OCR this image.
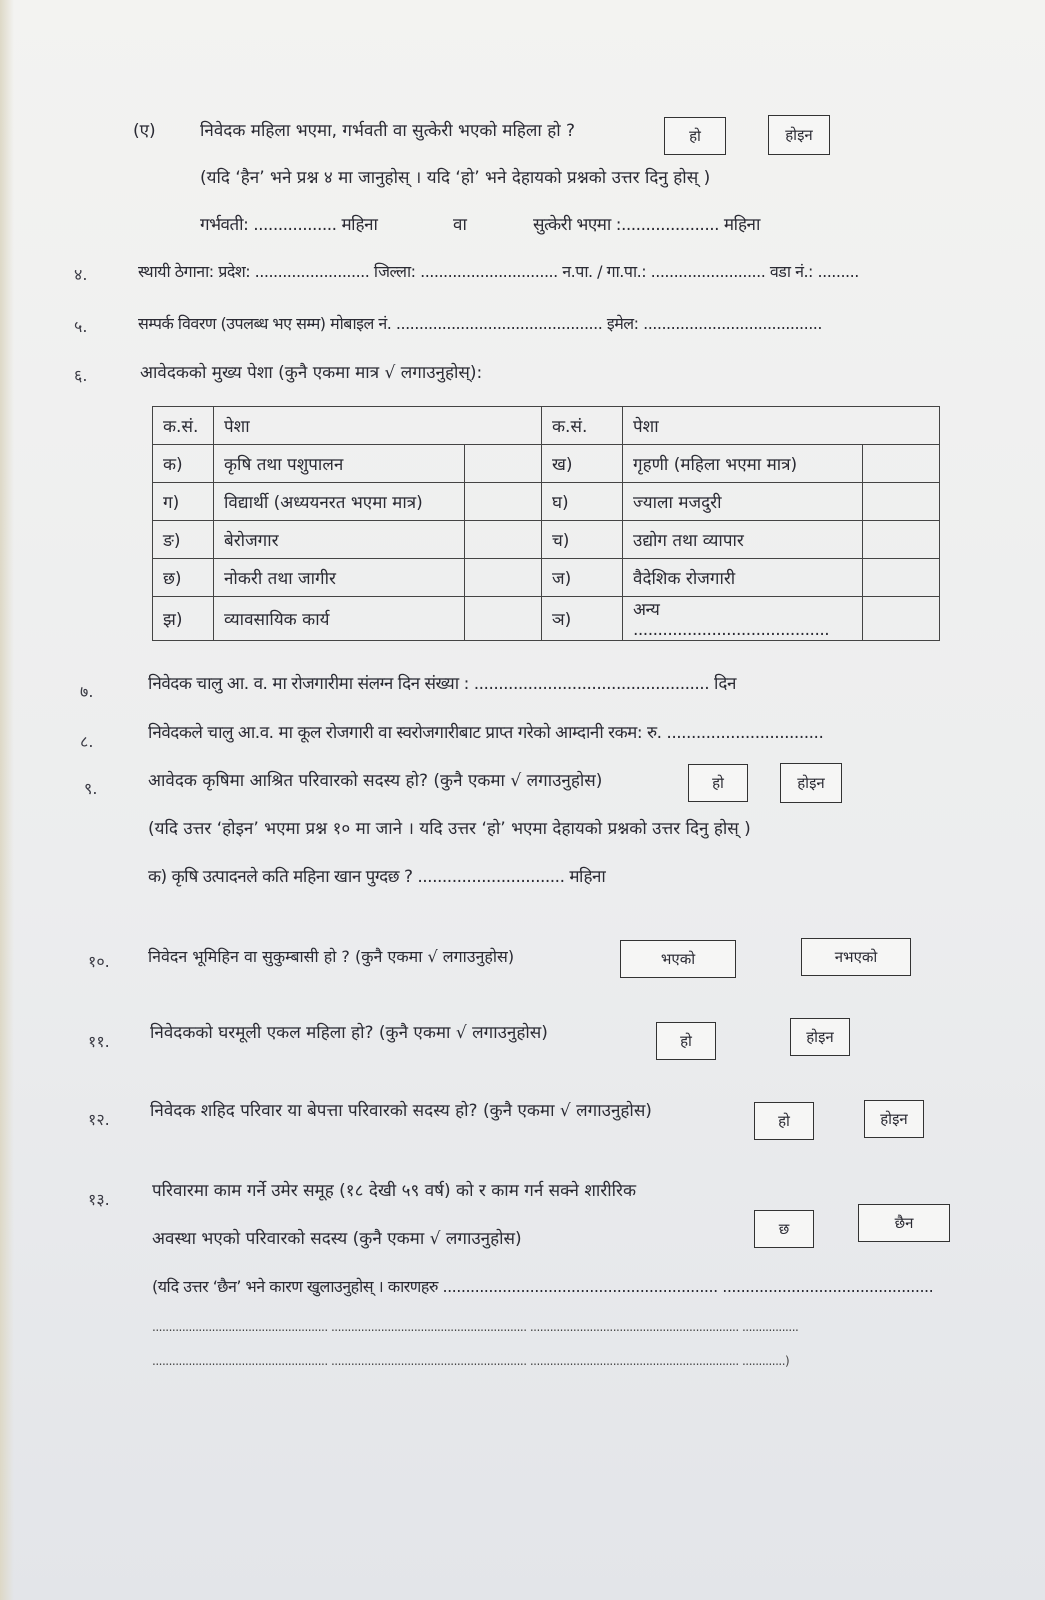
(ए)	निवेदक महिला भएमा, गर्भवती वा सुत्केरी भएको महिला हो ?	हो	होइन
(यदि ‘हैन’ भने प्रश्न ४ मा जानुहोस् । यदि ‘हो’ भने देहायको प्रश्नको उत्तर दिनु होस् )
गर्भवती: ................. महिना	वा	सुत्केरी भएमा :.................... महिना
४.	स्थायी ठेगाना: प्रदेश: ......................... जिल्ला: .............................. न.पा. / गा.पा.: ......................... वडा नं.: .........
५.	सम्पर्क विवरण (उपलब्ध भए सम्म) मोबाइल नं. ............................................. इमेल: .......................................
६.	आवेदकको मुख्य पेशा (कुनै एकमा मात्र √ लगाउनुहोस्):
क.सं.	पेशा		क.सं.	पेशा	
क)	कृषि तथा पशुपालन		ख)	गृहणी (महिला भएमा मात्र)	
ग)	विद्यार्थी (अध्ययनरत भएमा मात्र)		घ)	ज्याला मजदुरी	
ङ)	बेरोजगार		च)	उद्योग तथा व्यापार	
छ)	नोकरी तथा जागीर		ज)	वैदेशिक रोजगारी	
झ)	व्यावसायिक कार्य		ञ)	अन्य ........................................	
७.	निवेदक चालु आ. व. मा रोजगारीमा संलग्न दिन संख्या : ................................................ दिन
८.	निवेदकले चालु आ.व. मा कूल रोजगारी वा स्वरोजगारीबाट प्राप्त गरेको आम्दानी रकम: रु. ................................
९.	आवेदक कृषिमा आश्रित परिवारको सदस्य हो? (कुनै एकमा √ लगाउनुहोस)	हो	होइन
(यदि उत्तर ‘होइन’ भएमा प्रश्न १० मा जाने । यदि उत्तर ‘हो’ भएमा देहायको प्रश्नको उत्तर दिनु होस् )
क) कृषि उत्पादनले कति महिना खान पुग्दछ ? .............................. महिना
१०. निवेदन भूमिहिन वा सुकुम्बासी हो ? (कुनै एकमा √ लगाउनुहोस)	भएको	नभएको
११. निवेदकको घरमूली एकल महिला हो? (कुनै एकमा √ लगाउनुहोस)	हो	होइन
१२. निवेदक शहिद परिवार या बेपत्ता परिवारको सदस्य हो? (कुनै एकमा √ लगाउनुहोस)	हो	होइन
१३. परिवारमा काम गर्ने उमेर समूह (१८ देखी ५९ वर्ष) को र काम गर्न सक्ने शारीरिक
अवस्था भएको परिवारको सदस्य (कुनै एकमा √ लगाउनुहोस)	छ	छैन
(यदि उत्तर ‘छैन’ भने कारण खुलाउनुहोस् । कारणहरु ............................................................ ..............................................
..................................................... ........................................................... ............................................................... .................
..................................................... ........................................................... ............................................................... .............)
